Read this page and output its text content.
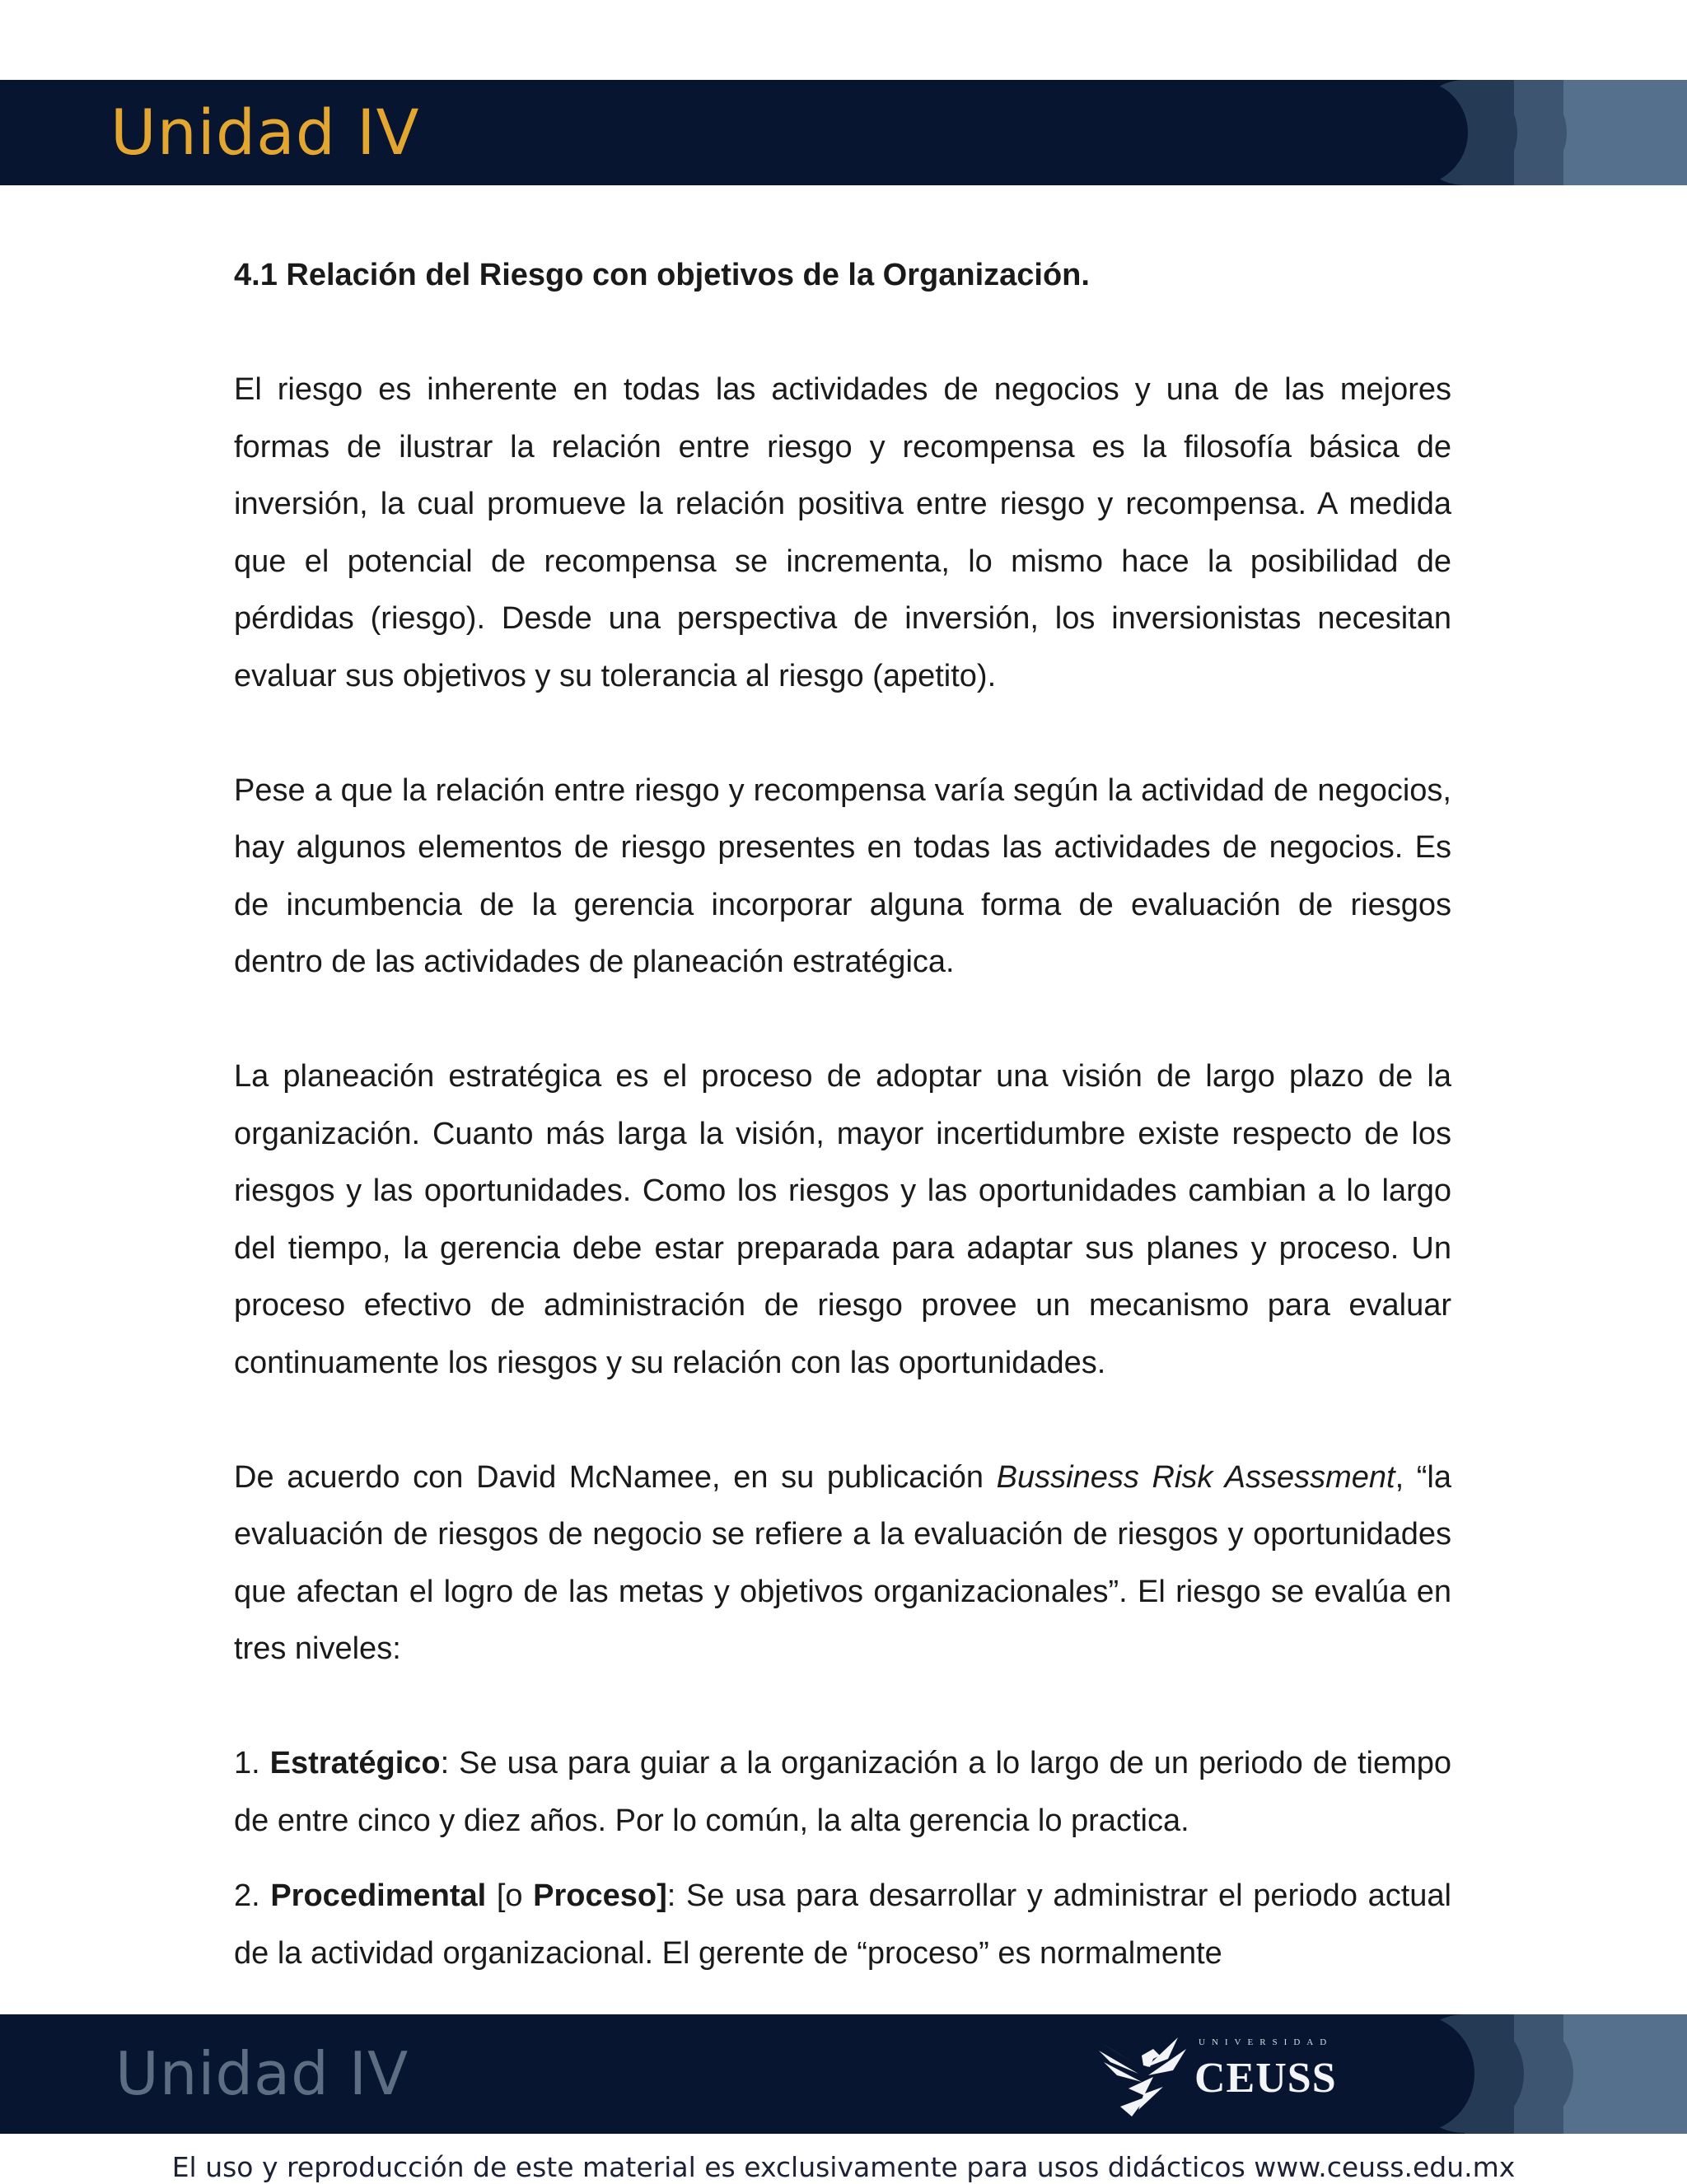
Unidad IV

4.1 Relación del Riesgo con objetivos de la Organización.

El riesgo es inherente en todas las actividades de negocios y una de las mejores formas de ilustrar la relación entre riesgo y recompensa es la filosofía básica de inversión, la cual promueve la relación positiva entre riesgo y recompensa. A medida que el potencial de recompensa se incrementa, lo mismo hace la posibilidad de pérdidas (riesgo). Desde una perspectiva de inversión, los inversionistas necesitan evaluar sus objetivos y su tolerancia al riesgo (apetito).

Pese a que la relación entre riesgo y recompensa varía según la actividad de negocios, hay algunos elementos de riesgo presentes en todas las actividades de negocios. Es de incumbencia de la gerencia incorporar alguna forma de evaluación de riesgos dentro de las actividades de planeación estratégica.

La planeación estratégica es el proceso de adoptar una visión de largo plazo de la organización. Cuanto más larga la visión, mayor incertidumbre existe respecto de los riesgos y las oportunidades. Como los riesgos y las oportunidades cambian a lo largo del tiempo, la gerencia debe estar preparada para adaptar sus planes y proceso. Un proceso efectivo de administración de riesgo provee un mecanismo para evaluar continuamente los riesgos y su relación con las oportunidades.

De acuerdo con David McNamee, en su publicación Bussiness Risk Assessment, “la evaluación de riesgos de negocio se refiere a la evaluación de riesgos y oportunidades que afectan el logro de las metas y objetivos organizacionales”. El riesgo se evalúa en tres niveles:

1. Estratégico: Se usa para guiar a la organización a lo largo de un periodo de tiempo de entre cinco y diez años. Por lo común, la alta gerencia lo practica.

2. Procedimental [o Proceso]: Se usa para desarrollar y administrar el periodo actual de la actividad organizacional. El gerente de “proceso” es normalmente

Unidad IV	UNIVERSIDAD
CEUSS
El uso y reproducción de este material es exclusivamente para usos didácticos www.ceuss.edu.mx
